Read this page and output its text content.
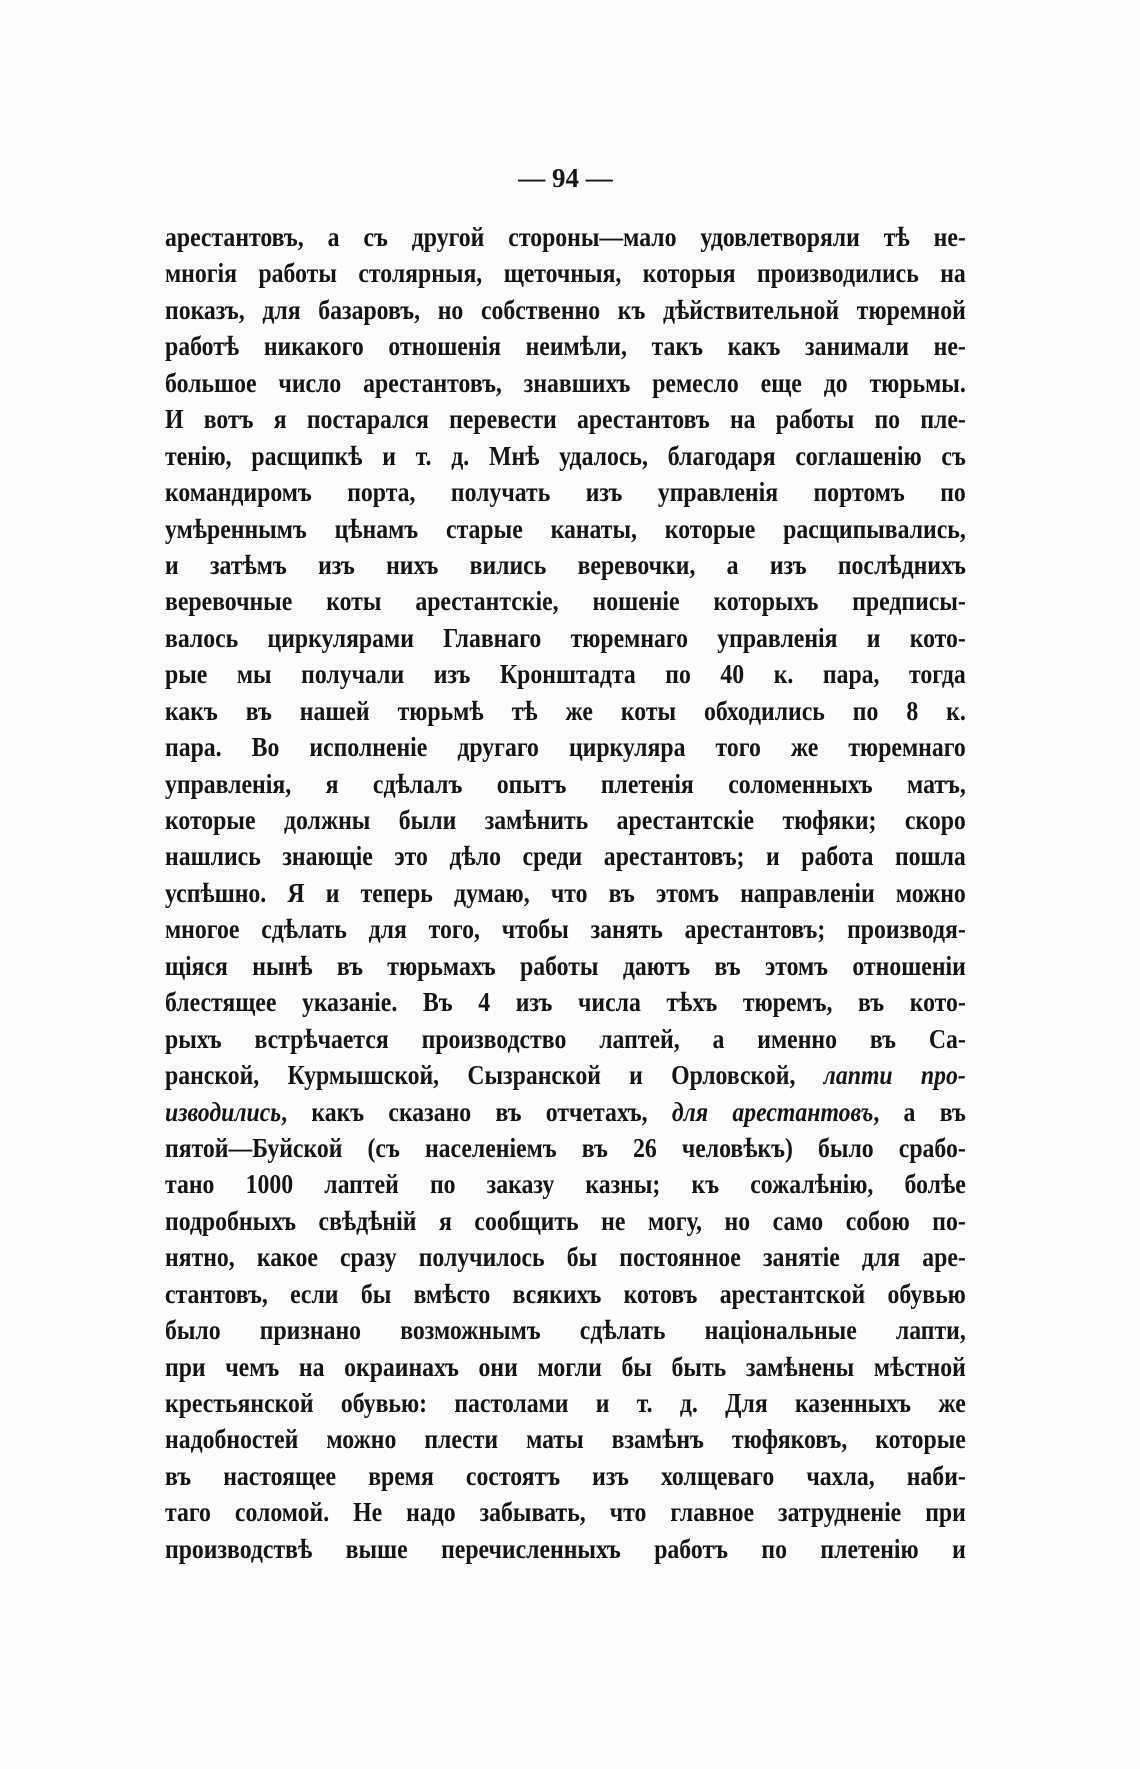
— 94 —
арестантовъ, а съ другой стороны—мало удовлетворяли тѣ не-
многія работы столярныя, щеточныя, которыя производились на
показъ, для базаровъ, но собственно къ дѣйствительной тюремной
работѣ никакого отношенія неимѣли, такъ какъ занимали не-
большое число арестантовъ, знавшихъ ремесло еще до тюрьмы.
И вотъ я постарался перевести арестантовъ на работы по пле-
тенію, расщипкѣ и т. д. Мнѣ удалось, благодаря соглашенію съ
командиромъ порта, получать изъ управленія портомъ по
умѣреннымъ цѣнамъ старые канаты, которые расщипывались,
и затѣмъ изъ нихъ вились веревочки, а изъ послѣднихъ
веревочные коты арестантскіе, ношеніе которыхъ предписы-
валось циркулярами Главнаго тюремнаго управленія и кото-
рые мы получали изъ Кронштадта по 40 к. пара, тогда
какъ въ нашей тюрьмѣ тѣ же коты обходились по 8 к.
пара. Во исполненіе другаго циркуляра того же тюремнаго
управленія, я сдѣлалъ опытъ плетенія соломенныхъ матъ,
которые должны были замѣнить арестантскіе тюфяки; скоро
нашлись знающіе это дѣло среди арестантовъ; и работа пошла
успѣшно. Я и теперь думаю, что въ этомъ направленіи можно
многое сдѣлать для того, чтобы занять арестантовъ; производя-
щіяся нынѣ въ тюрьмахъ работы даютъ въ этомъ отношеніи
блестящее указаніе. Въ 4 изъ числа тѣхъ тюремъ, въ кото-
рыхъ встрѣчается производство лаптей, а именно въ Са-
ранской, Курмышской, Сызранской и Орловской, лапти про-
изводились, какъ сказано въ отчетахъ, для арестантовъ, а въ
пятой—Буйской (съ населеніемъ въ 26 человѣкъ) было срабо-
тано 1000 лаптей по заказу казны; къ сожалѣнію, болѣе
подробныхъ свѣдѣній я сообщить не могу, но само собою по-
нятно, какое сразу получилось бы постоянное занятіе для аре-
стантовъ, если бы вмѣсто всякихъ котовъ арестантской обувью
было признано возможнымъ сдѣлать національные лапти,
при чемъ на окраинахъ они могли бы быть замѣнены мѣстной
крестьянской обувью: пастолами и т. д. Для казенныхъ же
надобностей можно плести маты взамѣнъ тюфяковъ, которые
въ настоящее время состоятъ изъ холщеваго чахла, наби-
таго соломой. Не надо забывать, что главное затрудненіе при
производствѣ выше перечисленныхъ работъ по плетенію и
